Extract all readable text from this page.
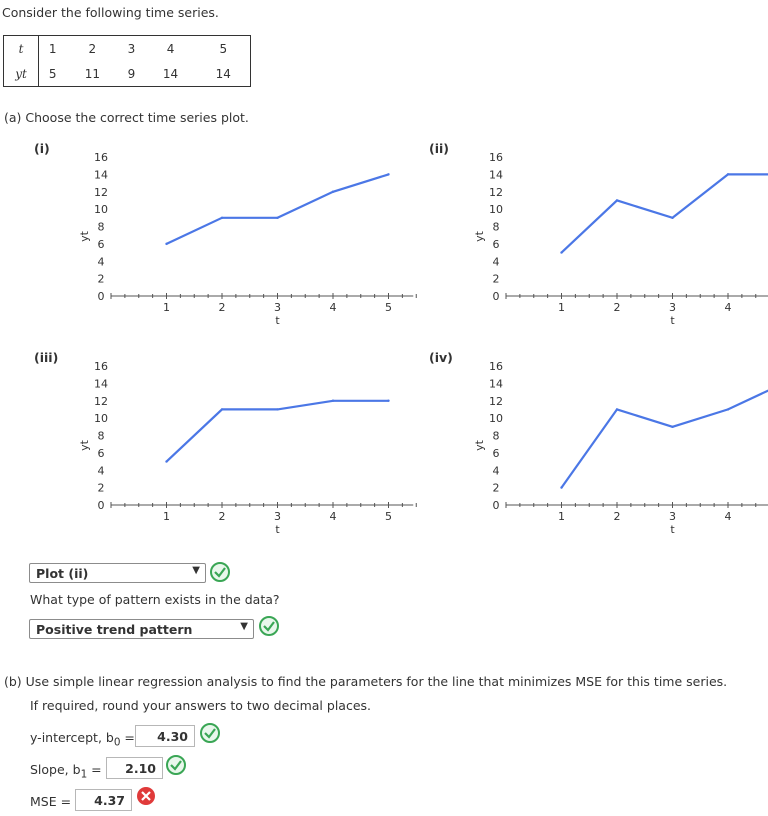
Consider the following time series.
t	1	2	3	4	5
yt	5	11	9	14	14
(a) Choose the correct time series plot.
(i)	(ii)
(iii)	(iv)
1	2	3	4	5
t
0
2
4
6
8
10
12
14
16
yt
1	2	3	4
t
0
2
4
6
8
10
12
14
16
yt
1	2	3	4	5
t
0
2
4
6
8
10
12
14
16
yt
1	2	3	4
t
0
2
4
6
8
10
12
14
16
yt
Plot (ii)	▼
What type of pattern exists in the data?
Positive trend pattern	▼
(b) Use simple linear regression analysis to find the parameters for the line that minimizes MSE for this time series.
If required, round your answers to two decimal places.
y-intercept, $b_0$ =	4.30
Slope, $b_1$ =	2.10
MSE =	4.37
